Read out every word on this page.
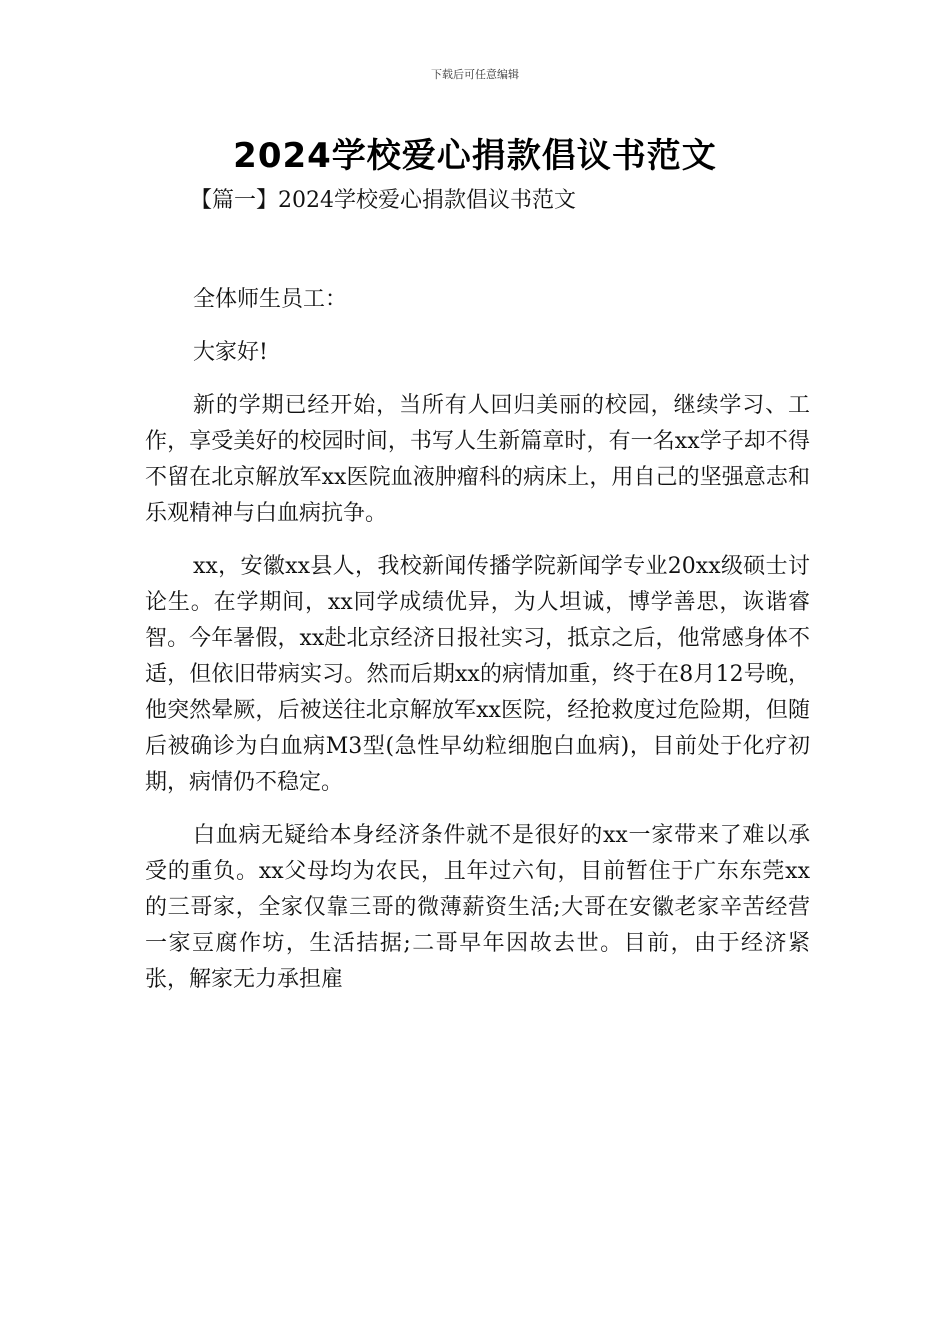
下载后可任意编辑
2024学校爱心捐款倡议书范文
【篇一】2024学校爱心捐款倡议书范文

全体师生员工：

大家好!

新的学期已经开始，当所有人回归美丽的校园，继续学习、工作，享受美好的校园时间，书写人生新篇章时，有一名xx学子却不得不留在北京解放军xx医院血液肿瘤科的病床上，用自己的坚强意志和乐观精神与白血病抗争。

xx，安徽xx县人，我校新闻传播学院新闻学专业20xx级硕士讨论生。在学期间，xx同学成绩优异，为人坦诚，博学善思，诙谐睿智。今年暑假，xx赴北京经济日报社实习，抵京之后，他常感身体不适，但依旧带病实习。然而后期xx的病情加重，终于在8月12号晚，他突然晕厥，后被送往北京解放军xx医院，经抢救度过危险期，但随后被确诊为白血病M3型(急性早幼粒细胞白血病)，目前处于化疗初期，病情仍不稳定。

白血病无疑给本身经济条件就不是很好的xx一家带来了难以承受的重负。xx父母均为农民，且年过六旬，目前暂住于广东东莞xx的三哥家，全家仅靠三哥的微薄薪资生活;大哥在安徽老家辛苦经营一家豆腐作坊，生活拮据;二哥早年因故去世。目前，由于经济紧张，解家无力承担雇
